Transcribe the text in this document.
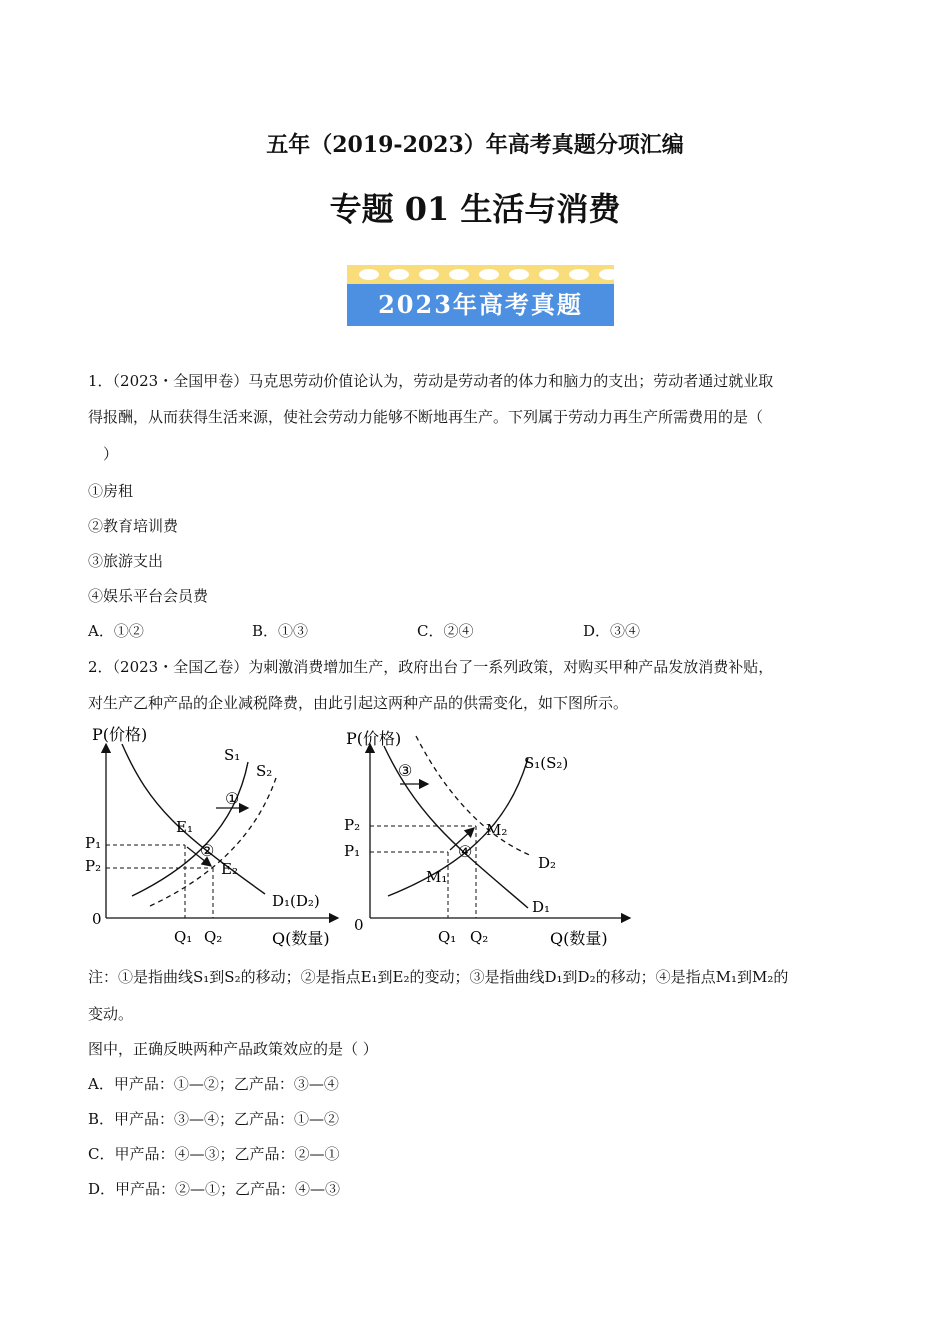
五年（2019-2023）年高考真题分项汇编
专题 01 生活与消费
2023年高考真题
1．（2023・全国甲卷）马克思劳动价值论认为，劳动是劳动者的体力和脑力的支出；劳动者通过就业取
得报酬，从而获得生活来源，使社会劳动力能够不断地再生产。下列属于劳动力再生产所需费用的是（
）
①房租
②教育培训费
③旅游支出
④娱乐平台会员费
A．①②	B．①③	C．②④	D．③④
2．（2023・全国乙卷）为刺激消费增加生产，政府出台了一系列政策，对购买甲种产品发放消费补贴，
对生产乙种产品的企业减税降费，由此引起这两种产品的供需变化，如下图所示。
P(价格)
Q(数量)
0
S₁
S₂
D₁(D₂)
E₁
E₂
P₁
P₂
Q₁ Q₂
①
②
P(价格)
Q(数量)
0
S₁(S₂)
D₁
D₂
M₁
M₂
P₂
P₁
Q₁ Q₂
③
④
注：①是指曲线S₁到S₂的移动；②是指点E₁到E₂的变动；③是指曲线D₁到D₂的移动；④是指点M₁到M₂的
变动。
图中，正确反映两种产品政策效应的是（ ）
A．甲产品：①—②；乙产品：③—④
B．甲产品：③—④；乙产品：①—②
C．甲产品：④—③；乙产品：②—①
D．甲产品：②—①；乙产品：④—③
